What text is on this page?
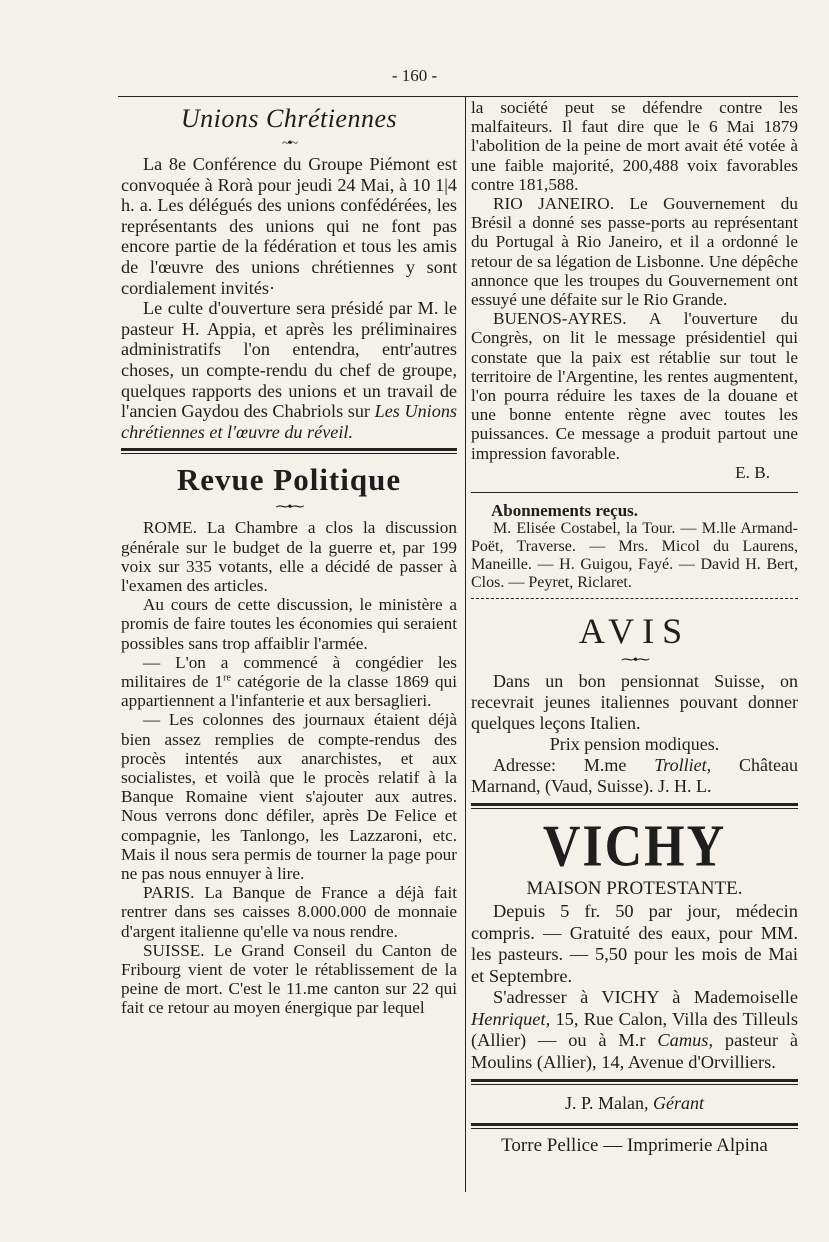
- 160 -
Unions Chrétiennes
~•~

La 8e Conférence du Groupe Piémont est convoquée à Rorà pour jeudi 24 Mai, à 10 1|4 h. a. Les délégués des unions confédérées, les représentants des unions qui ne font pas encore partie de la fédération et tous les amis de l'œuvre des unions chrétiennes y sont cordialement invités·

Le culte d'ouverture sera présidé par M. le pasteur H. Appia, et après les préliminaires administratifs l'on entendra, entr'autres choses, un compte-rendu du chef de groupe, quelques rapports des unions et un travail de l'ancien Gaydou des Chabriols sur Les Unions chrétiennes et l'œuvre du réveil.

Revue Politique
⁓•⁓

ROME. La Chambre a clos la discussion générale sur le budget de la guerre et, par 199 voix sur 335 votants, elle a décidé de passer à l'examen des articles.

Au cours de cette discussion, le ministère a promis de faire toutes les économies qui seraient possibles sans trop affaiblir l'armée.

— L'on a commencé à congédier les militaires de 1re catégorie de la classe 1869 qui appartiennent a l'infanterie et aux bersaglieri.

— Les colonnes des journaux étaient déjà bien assez remplies de compte-rendus des procès intentés aux anarchistes, et aux socialistes, et voilà que le procès relatif à la Banque Romaine vient s'ajouter aux autres. Nous verrons donc défiler, après De Felice et compagnie, les Tanlongo, les Lazzaroni, etc. Mais il nous sera permis de tourner la page pour ne pas nous ennuyer à lire.

PARIS. La Banque de France a déjà fait rentrer dans ses caisses 8.000.000 de monnaie d'argent italienne qu'elle va nous rendre.

SUISSE. Le Grand Conseil du Canton de Fribourg vient de voter le rétablissement de la peine de mort. C'est le 11.me canton sur 22 qui fait ce retour au moyen énergique par lequel

la société peut se défendre contre les malfaiteurs. Il faut dire que le 6 Mai 1879 l'abolition de la peine de mort avait été votée à une faible majorité, 200,488 voix favorables contre 181,588.

RIO JANEIRO. Le Gouvernement du Brésil a donné ses passe-ports au représentant du Portugal à Rio Janeiro, et il a ordonné le retour de sa légation de Lisbonne. Une dépêche annonce que les troupes du Gouvernement ont essuyé une défaite sur le Rio Grande.

BUENOS-AYRES. A l'ouverture du Congrès, on lit le message présidentiel qui constate que la paix est rétablie sur tout le territoire de l'Argentine, les rentes augmentent, l'on pourra réduire les taxes de la douane et une bonne entente règne avec toutes les puissances. Ce message a produit partout une impression favorable.

E. B.
Abonnements reçus.

M. Elisée Costabel, la Tour. — M.lle Armand-Poët, Traverse. — Mrs. Micol du Laurens, Maneille. — H. Guigou, Fayé. — David H. Bert, Clos. — Peyret, Riclaret.

AVIS
⁓•⁓

Dans un bon pensionnat Suisse, on recevrait jeunes italiennes pouvant donner quelques leçons Italien.

Prix pension modiques.

Adresse: M.me Trolliet, Château Marnand, (Vaud, Suisse). J. H. L.

VICHY
MAISON PROTESTANTE.

Depuis 5 fr. 50 par jour, médecin compris. — Gratuité des eaux, pour MM. les pasteurs. — 5,50 pour les mois de Mai et Septembre.

S'adresser à VICHY à Mademoiselle Henriquet, 15, Rue Calon, Villa des Tilleuls (Allier) — ou à M.r Camus, pasteur à Moulins (Allier), 14, Avenue d'Orvilliers.

J. P. Malan, Gérant
Torre Pellice — Imprimerie Alpina
